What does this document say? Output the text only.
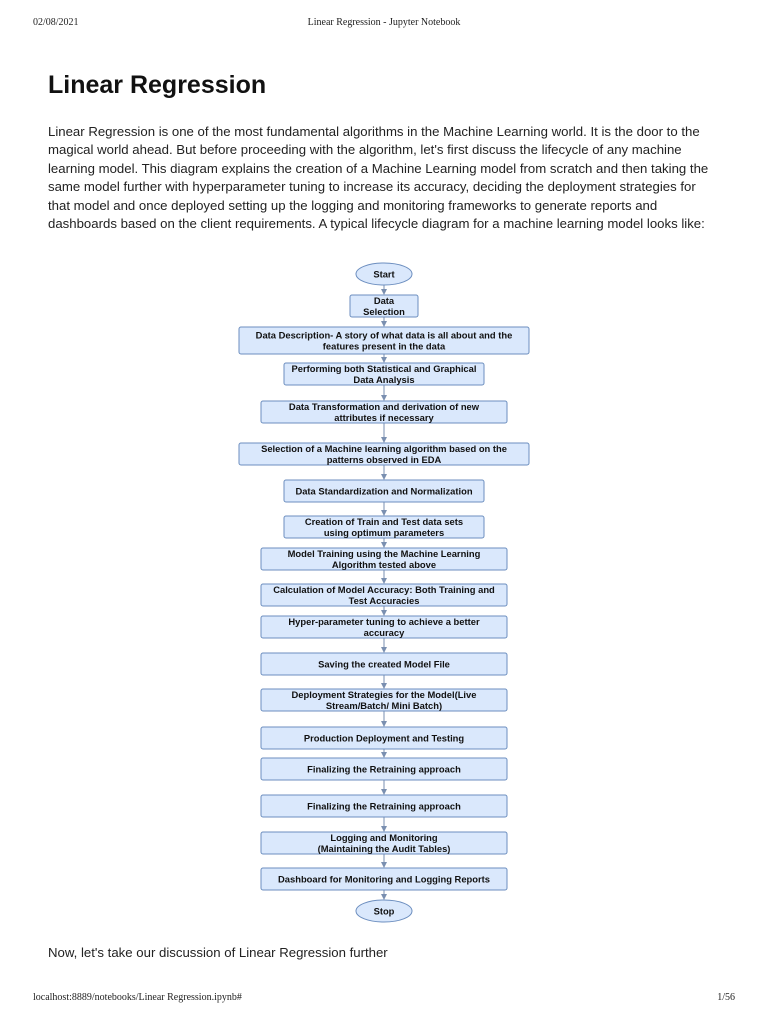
02/08/2021	Linear Regression - Jupyter Notebook
Linear Regression

Linear Regression is one of the most fundamental algorithms in the Machine Learning world. It is the door to the magical world ahead. But before proceeding with the algorithm, let's first discuss the lifecycle of any machine learning model. This diagram explains the creation of a Machine Learning model from scratch and then taking the same model further with hyperparameter tuning to increase its accuracy, deciding the deployment strategies for that model and once deployed setting up the logging and monitoring frameworks to generate reports and dashboards based on the client requirements. A typical lifecycle diagram for a machine learning model looks like:

Start
Data
Selection
Data Description- A story of what data is all about and the
features present in the data
Performing both Statistical and Graphical
Data Analysis
Data Transformation and derivation of new
attributes if necessary
Selection of a Machine learning algorithm based on the
patterns observed in EDA
Data Standardization and Normalization
Creation of Train and Test data sets
using optimum parameters
Model Training using the Machine Learning
Algorithm tested above
Calculation of Model Accuracy: Both Training and
Test Accuracies
Hyper-parameter tuning to achieve a better
accuracy
Saving the created Model File
Deployment Strategies for the Model(Live
Stream/Batch/ Mini Batch)
Production Deployment and Testing
Finalizing the Retraining approach
Finalizing the Retraining approach
Logging and Monitoring
(Maintaining the Audit Tables)
Dashboard for Monitoring and Logging Reports
Stop

Now, let's take our discussion of Linear Regression further

localhost:8889/notebooks/Linear Regression.ipynb#	1/56
